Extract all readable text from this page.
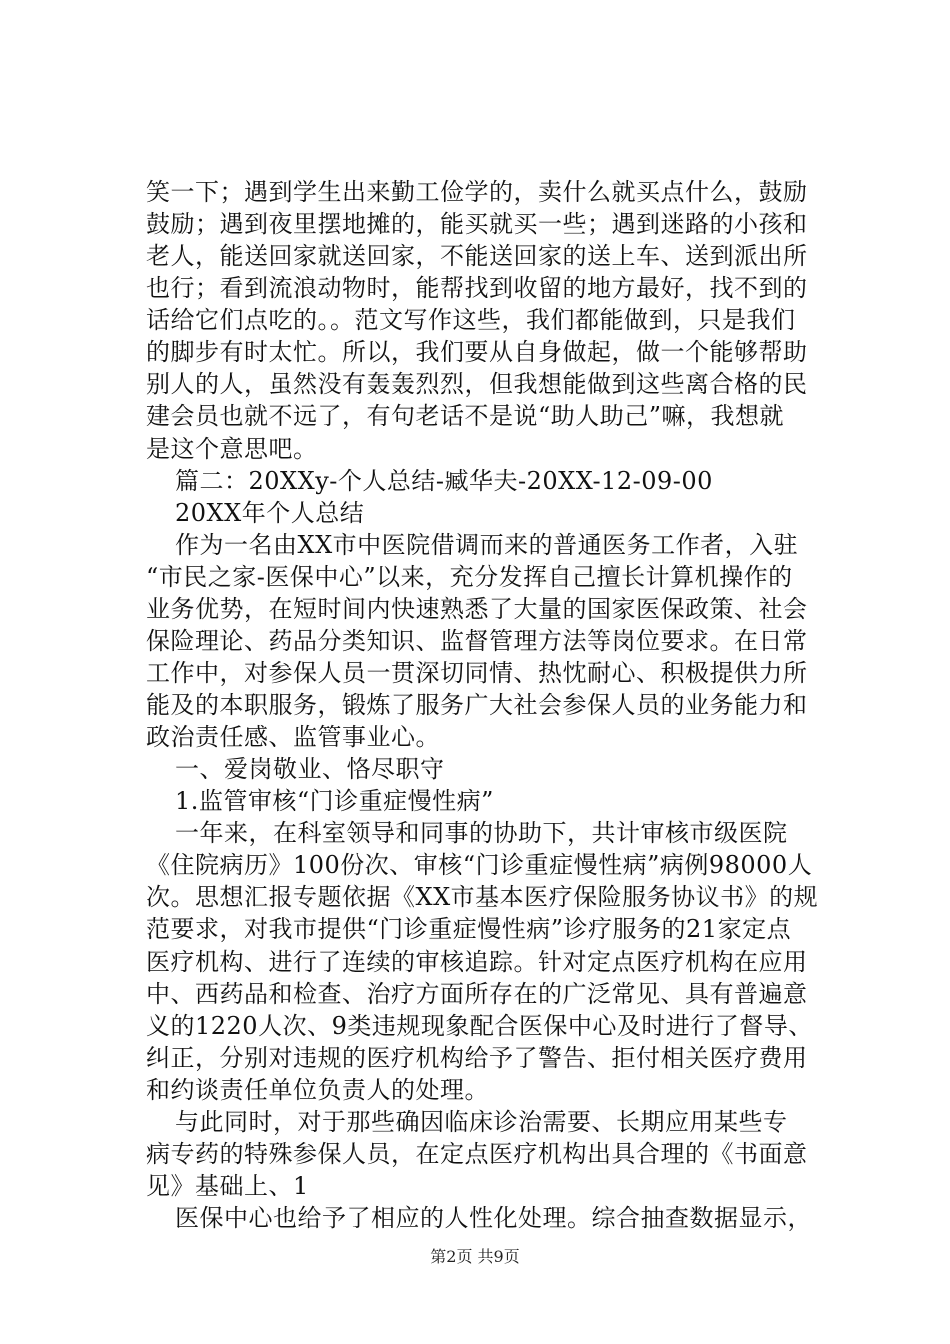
笑一下；遇到学生出来勤工俭学的，卖什么就买点什么，鼓励
鼓励；遇到夜里摆地摊的，能买就买一些；遇到迷路的小孩和
老人，能送回家就送回家，不能送回家的送上车、送到派出所
也行；看到流浪动物时，能帮找到收留的地方最好，找不到的
话给它们点吃的。。范文写作这些，我们都能做到，只是我们
的脚步有时太忙。所以，我们要从自身做起，做一个能够帮助
别人的人，虽然没有轰轰烈烈，但我想能做到这些离合格的民
建会员也就不远了，有句老话不是说“助人助己”嘛，我想就
是这个意思吧。
篇二：20XXy-个人总结-臧华夫-20XX-12-09-00
20XX年个人总结
作为一名由XX市中医院借调而来的普通医务工作者，入驻
“市民之家-医保中心”以来，充分发挥自己擅长计算机操作的
业务优势，在短时间内快速熟悉了大量的国家医保政策、社会
保险理论、药品分类知识、监督管理方法等岗位要求。在日常
工作中，对参保人员一贯深切同情、热忱耐心、积极提供力所
能及的本职服务，锻炼了服务广大社会参保人员的业务能力和
政治责任感、监管事业心。
一、爱岗敬业、恪尽职守
1.监管审核“门诊重症慢性病”
一年来，在科室领导和同事的协助下，共计审核市级医院
《住院病历》100份次、审核“门诊重症慢性病”病例98000人
次。思想汇报专题依据《XX市基本医疗保险服务协议书》的规
范要求，对我市提供“门诊重症慢性病”诊疗服务的21家定点
医疗机构、进行了连续的审核追踪。针对定点医疗机构在应用
中、西药品和检查、治疗方面所存在的广泛常见、具有普遍意
义的1220人次、9类违规现象配合医保中心及时进行了督导、
纠正，分别对违规的医疗机构给予了警告、拒付相关医疗费用
和约谈责任单位负责人的处理。
与此同时，对于那些确因临床诊治需要、长期应用某些专
病专药的特殊参保人员，在定点医疗机构出具合理的《书面意
见》基础上、1
医保中心也给予了相应的人性化处理。综合抽查数据显示，
第2页 共9页
